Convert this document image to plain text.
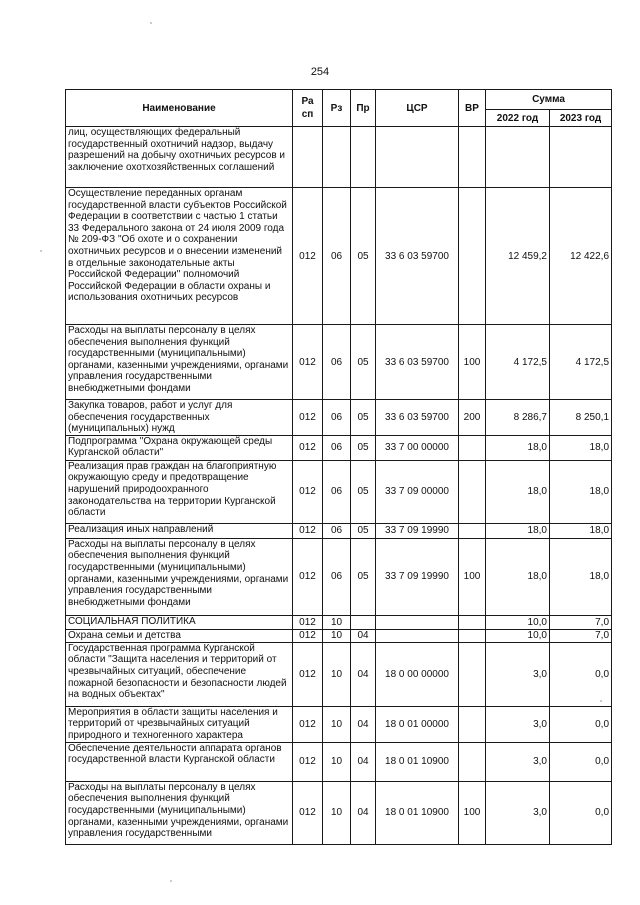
254
Наименование	Ра сп	Рз	Пр	ЦСР	ВР	Сумма	
						2022 год	2023 год
лиц, осуществляющих федеральный государственный охотничий надзор, выдачу разрешений на добычу охотничьих ресурсов и заключение охотхозяйственных соглашений							
Осуществление переданных органам государственной власти субъектов Российской Федерации в соответствии с частью 1 статьи 33 Федерального закона от 24 июля 2009 года № 209-ФЗ "Об охоте и о сохранении охотничьих ресурсов и о внесении изменений в отдельные законодательные акты Российской Федерации" полномочий Российской Федерации в области охраны и использования охотничьих ресурсов	012	06	05	33 6 03 59700		12 459,2	12 422,6
Расходы на выплаты персоналу в целях обеспечения выполнения функций государственными (муниципальными) органами, казенными учреждениями, органами управления государственными внебюджетными фондами	012	06	05	33 6 03 59700	100	4 172,5	4 172,5
Закупка товаров, работ и услуг для обеспечения государственных (муниципальных) нужд	012	06	05	33 6 03 59700	200	8 286,7	8 250,1
Подпрограмма "Охрана окружающей среды Курганской области"	012	06	05	33 7 00 00000		18,0	18,0
Реализация прав граждан на благоприятную окружающую среду и предотвращение нарушений природоохранного законодательства на территории Курганской области	012	06	05	33 7 09 00000		18,0	18,0
Реализация иных направлений	012	06	05	33 7 09 19990		18,0	18,0
Расходы на выплаты персоналу в целях обеспечения выполнения функций государственными (муниципальными) органами, казенными учреждениями, органами управления государственными внебюджетными фондами	012	06	05	33 7 09 19990	100	18,0	18,0
СОЦИАЛЬНАЯ ПОЛИТИКА	012	10				10,0	7,0
Охрана семьи и детства	012	10	04			10,0	7,0
Государственная программа Курганской области "Защита населения и территорий от чрезвычайных ситуаций, обеспечение пожарной безопасности и безопасности людей на водных объектах"	012	10	04	18 0 00 00000		3,0	0,0
Мероприятия в области защиты населения и территорий от чрезвычайных ситуаций природного и техногенного характера	012	10	04	18 0 01 00000		3,0	0,0
Обеспечение деятельности аппарата органов государственной власти Курганской области	012	10	04	18 0 01 10900		3,0	0,0
Расходы на выплаты персоналу в целях обеспечения выполнения функций государственными (муниципальными) органами, казенными учреждениями, органами управления государственными	012	10	04	18 0 01 10900	100	3,0	0,0
